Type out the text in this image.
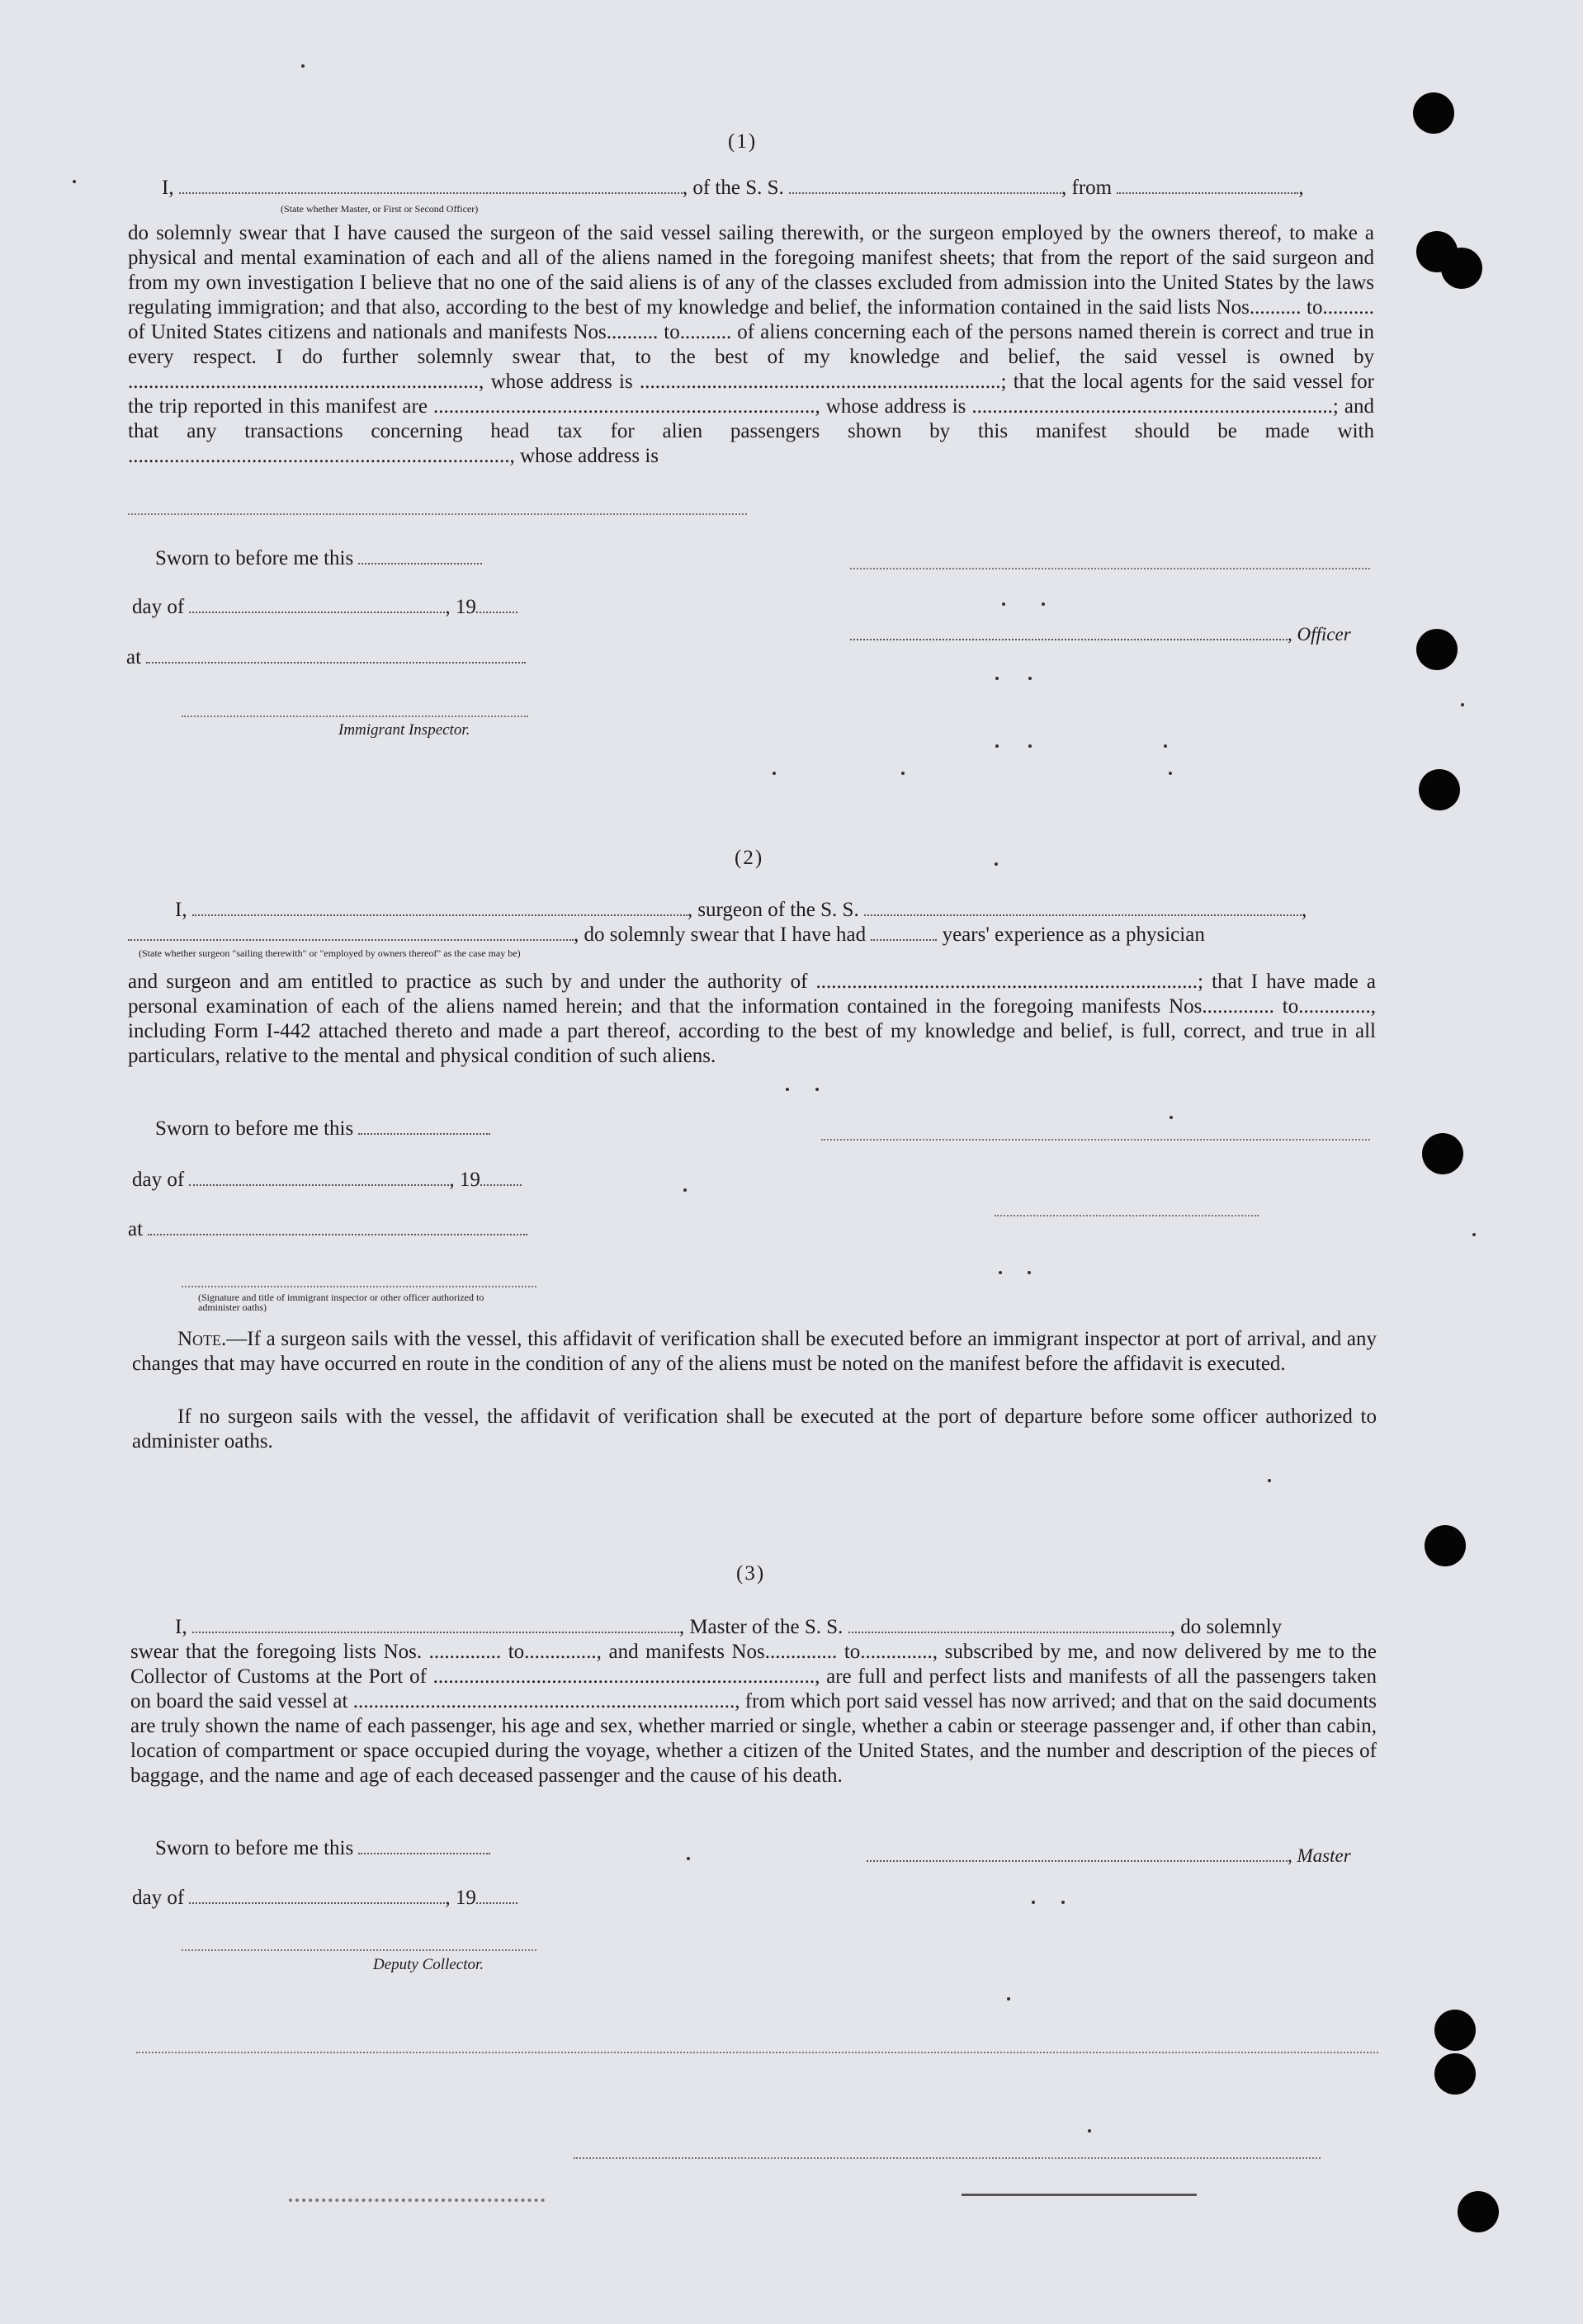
(1)
I,	, of the S. S.	, from	,
(State whether Master, or First or Second Officer)
do solemnly swear that I have caused the surgeon of the said vessel sailing therewith, or the surgeon employed by the owners thereof, to make a physical and mental examination of each and all of the aliens named in the foregoing manifest sheets; that from the report of the said surgeon and from my own investigation I believe that no one of the said aliens is of any of the classes excluded from admission into the United States by the laws regulating immigration; and that also, according to the best of my knowledge and belief, the information contained in the said lists Nos.......... to.......... of United States citizens and nationals and manifests Nos.......... to.......... of aliens concerning each of the persons named therein is correct and true in every respect. I do further solemnly swear that, to the best of my knowledge and belief, the said vessel is owned by ...................................................................., whose address is ......................................................................; that the local agents for the said vessel for the trip reported in this manifest are .........................................................................., whose address is ......................................................................; and that any transactions concerning head tax for alien passengers shown by this manifest should be made with .........................................................................., whose address is
Sworn to before me this
day of	, 19
, Officer
at
Immigrant Inspector.
(2)
I,	, surgeon of the S. S.	,
, do solemnly swear that I have had	years' experience as a physician
(State whether surgeon "sailing therewith" or "employed by owners thereof" as the case may be)
and surgeon and am entitled to practice as such by and under the authority of ..........................................................................; that I have made a personal examination of each of the aliens named herein; and that the information contained in the foregoing manifests Nos.............. to.............., including Form I-442 attached thereto and made a part thereof, according to the best of my knowledge and belief, is full, correct, and true in all particulars, relative to the mental and physical condition of such aliens.
Sworn to before me this
day of	, 19
at
(Signature and title of immigrant inspector or other officer authorized to administer oaths)
Note.—If a surgeon sails with the vessel, this affidavit of verification shall be executed before an immigrant inspector at port of arrival, and any changes that may have occurred en route in the condition of any of the aliens must be noted on the manifest before the affidavit is executed.
If no surgeon sails with the vessel, the affidavit of verification shall be executed at the port of departure before some officer authorized to administer oaths.
(3)
I,	, Master of the S. S.	, do solemnly
swear that the foregoing lists Nos. .............. to.............., and manifests Nos.............. to.............., subscribed by me, and now delivered by me to the Collector of Customs at the Port of .........................................................................., are full and perfect lists and manifests of all the passengers taken on board the said vessel at .........................................................................., from which port said vessel has now arrived; and that on the said documents are truly shown the name of each passenger, his age and sex, whether married or single, whether a cabin or steerage passenger and, if other than cabin, location of compartment or space occupied during the voyage, whether a citizen of the United States, and the number and description of the pieces of baggage, and the name and age of each deceased passenger and the cause of his death.
Sworn to before me this	, Master
day of	, 19
Deputy Collector.
